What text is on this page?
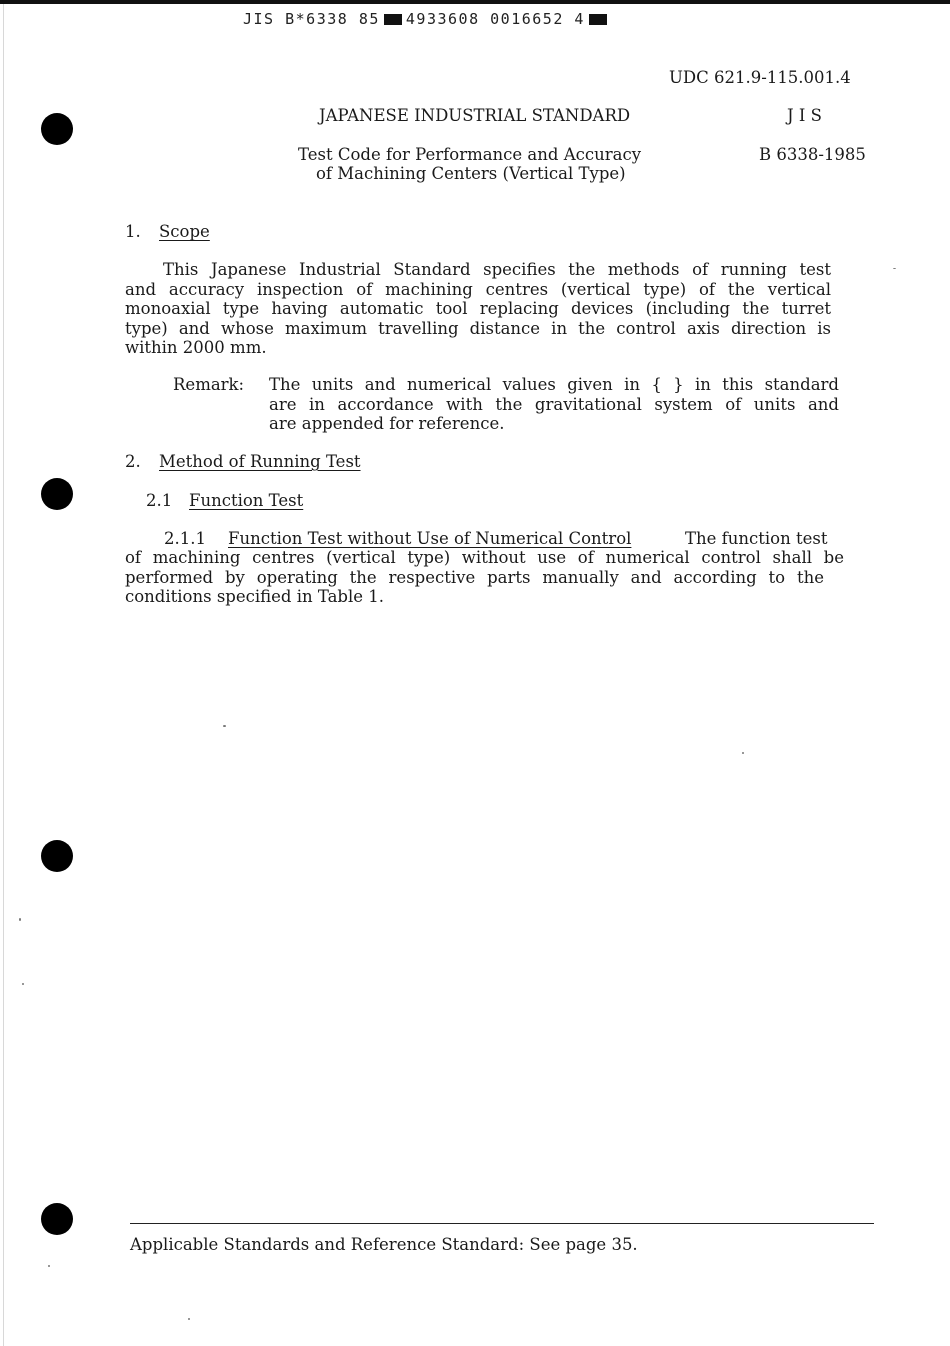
JIS B*6338 85 4933608 0016652 4
UDC 621.9-115.001.4
JAPANESE INDUSTRIAL STANDARD	J I S
Test Code for Performance and Accuracy
of Machining Centers (Vertical Type)
B 6338-1985
1. Scope
This Japanese Industrial Standard specifies the methods of running test
and accuracy inspection of machining centres (vertical type) of the vertical
monoaxial type having automatic tool replacing devices (including the turret
type) and whose maximum travelling distance in the control axis direction is
within 2000 mm.
Remark: The units and numerical values given in { } in this standard
are in accordance with the gravitational system of units and
are appended for reference.
2. Method of Running Test
2.1 Function Test
2.1.1 Function Test without Use of Numerical Control	The function test
of machining centres (vertical type) without use of numerical control shall be
performed by operating the respective parts manually and according to the
conditions specified in Table 1.
Applicable Standards and Reference Standard: See page 35.
